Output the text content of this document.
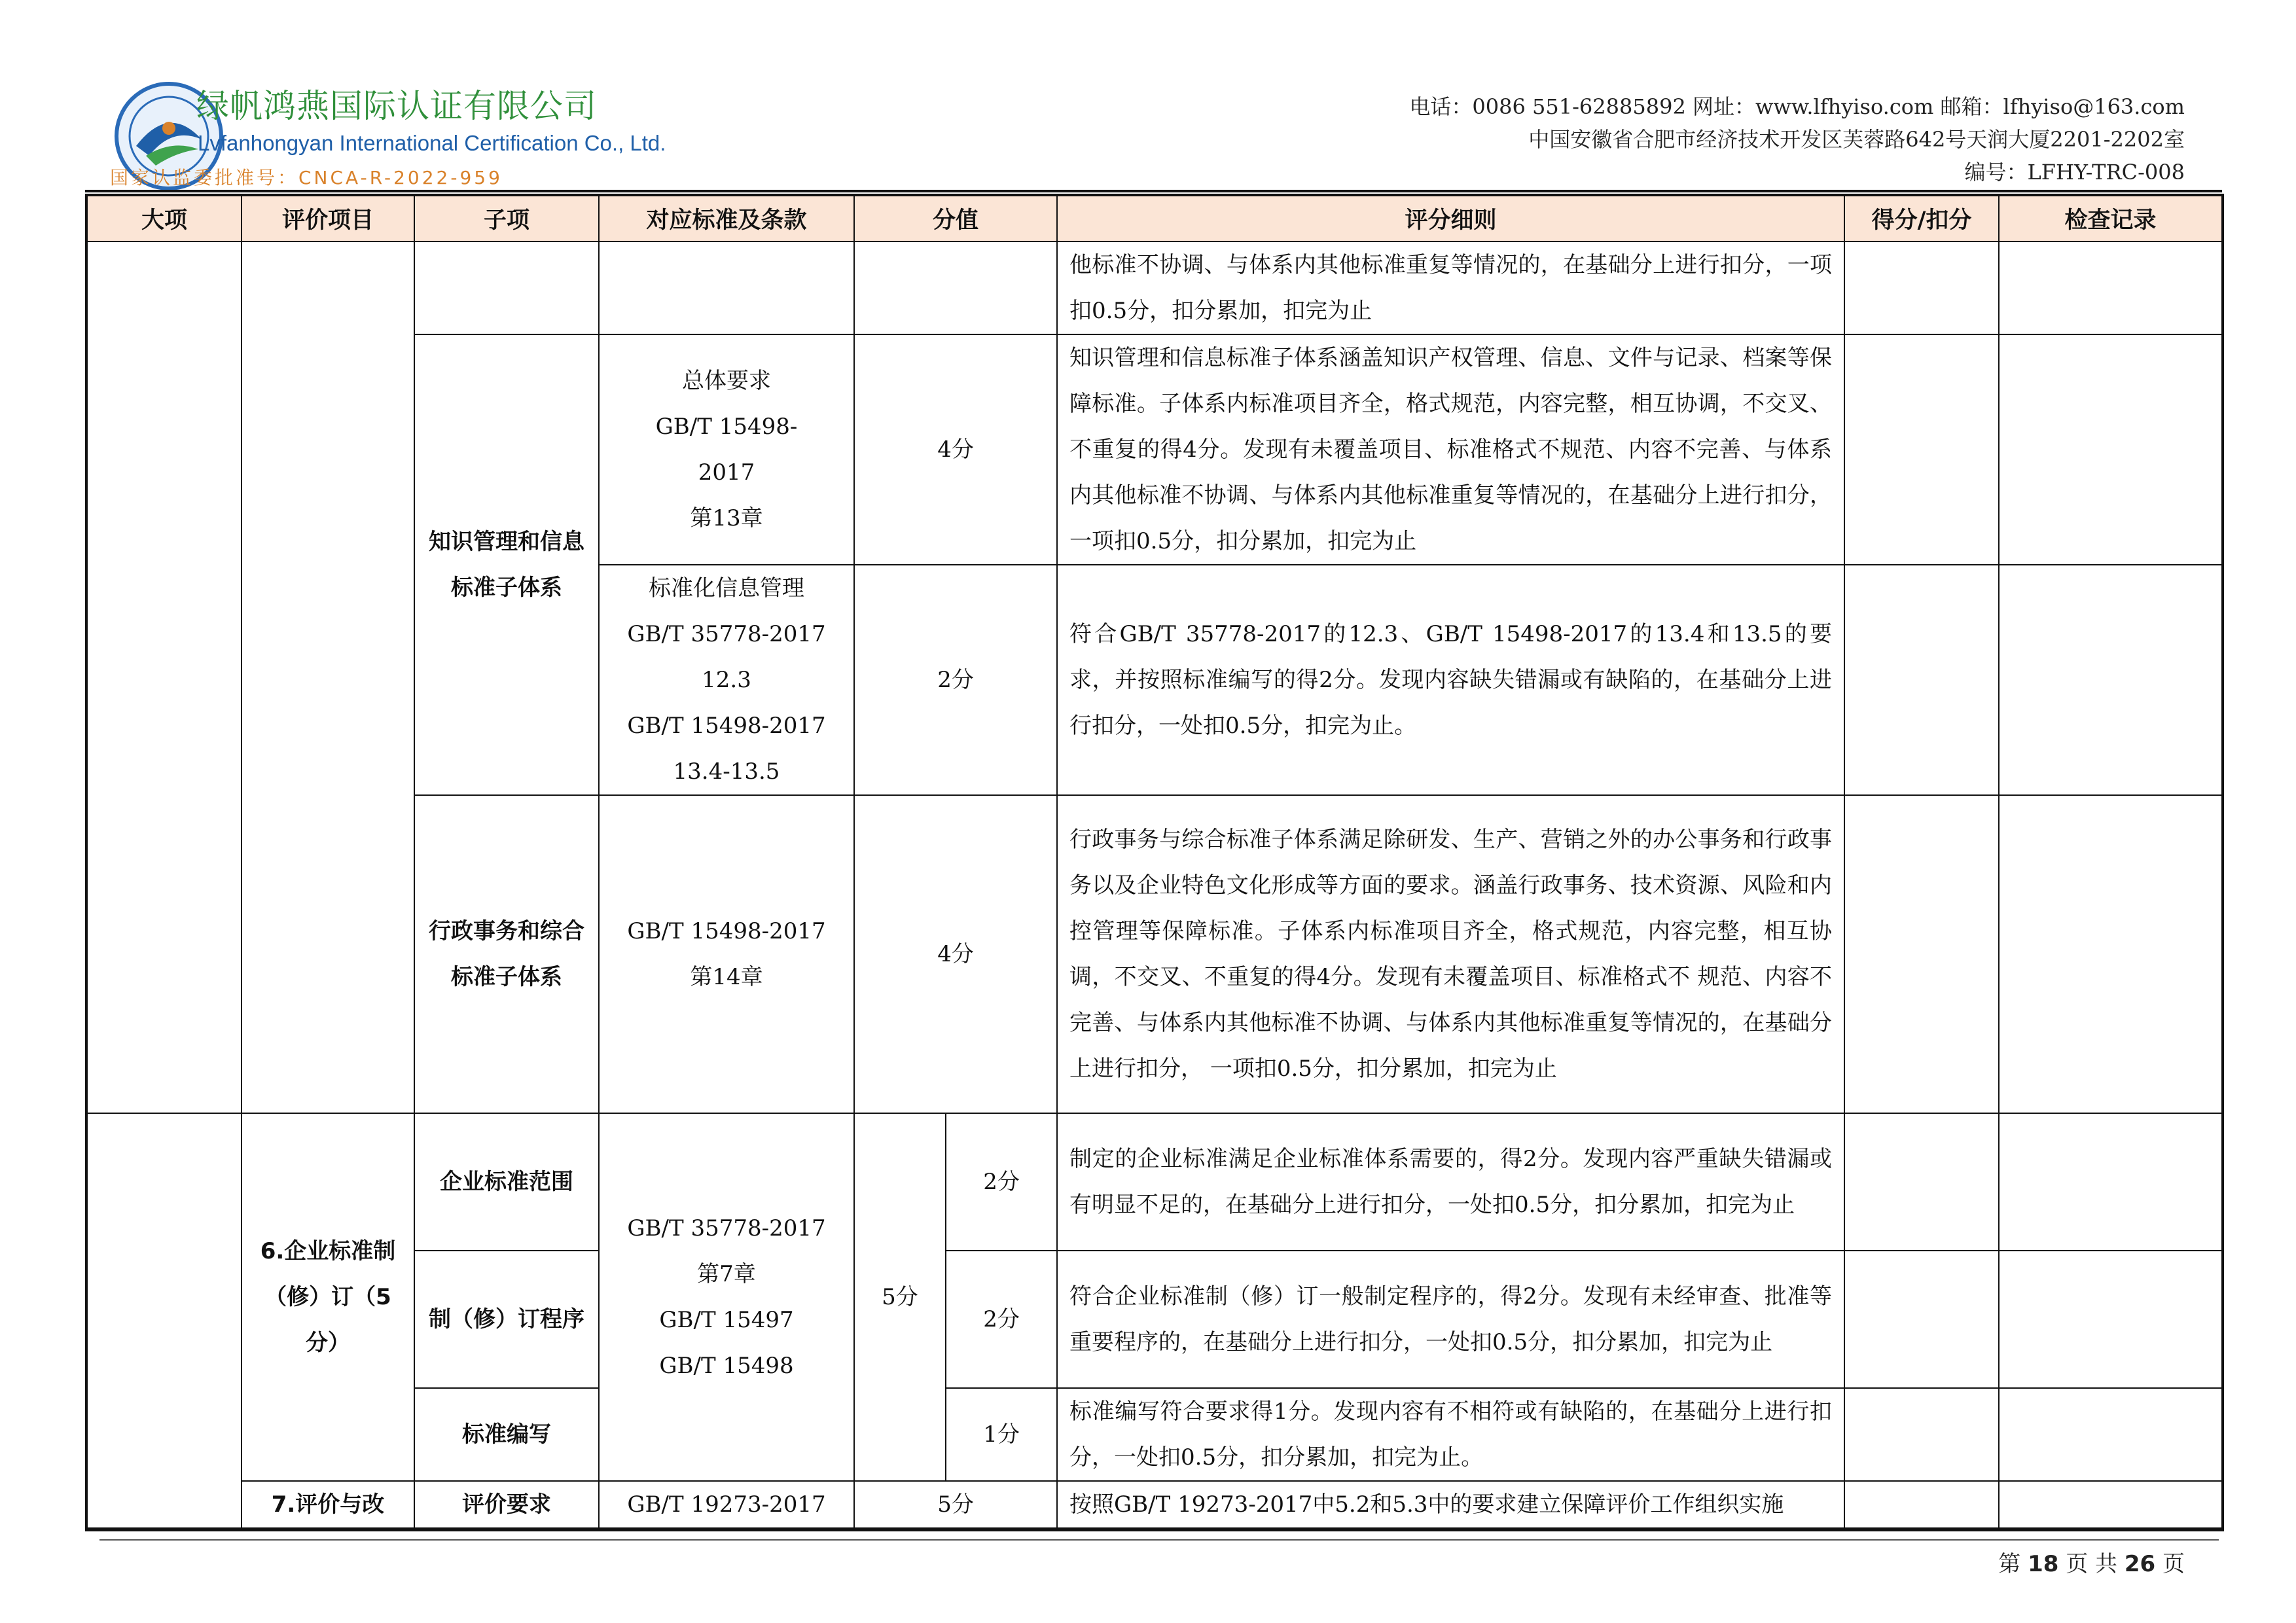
绿帆鸿燕国际认证有限公司
Lvfanhongyan International Certification Co., Ltd.
国家认监委批准号：CNCA-R-2022-959
电话：0086 551-62885892 网址：www.lfhyiso.com 邮箱：lfhyiso@163.com
中国安徽省合肥市经济技术开发区芙蓉路642号天润大厦2201-2202室
编号：LFHY-TRC-008
大项	评价项目	子项	对应标准及条款	分值		评分细则	得分/扣分	检查记录
						他标准不协调、与体系内其他标准重复等情况的，在基础分上进行扣分，一项扣0.5分，扣分累加，扣完为止		
		知识管理和信息标准子体系	总体要求
GB/T 15498-
2017
第13章	4分		知识管理和信息标准子体系涵盖知识产权管理、信息、文件与记录、档案等保障标准。子体系内标准项目齐全，格式规范，内容完整，相互协调，不交叉、不重复的得4分。发现有未覆盖项目、标准格式不规范、内容不完善、与体系内其他标准不协调、与体系内其他标准重复等情况的，在基础分上进行扣分，一项扣0.5分，扣分累加，扣完为止		

			标准化信息管理
GB/T 35778-2017
12.3
GB/T 15498-2017
13.4-13.5	2分		符合GB/T 35778-2017的12.3、GB/T 15498-2017的13.4和13.5的要求，并按照标准编写的得2分。发现内容缺失错漏或有缺陷的，在基础分上进行扣分，一处扣0.5分，扣完为止。		
		行政事务和综合标准子体系	GB/T 15498-2017
第14章	4分		行政事务与综合标准子体系满足除研发、生产、营销之外的办公事务和行政事务以及企业特色文化形成等方面的要求。涵盖行政事务、技术资源、风险和内控管理等保障标准。子体系内标准项目齐全，格式规范，内容完整，相互协调，不交叉、不重复的得4分。发现有未覆盖项目、标准格式不 规范、内容不完善、与体系内其他标准不协调、与体系内其他标准重复等情况的，在基础分上进行扣分， 一项扣0.5分，扣分累加，扣完为止		
	6.企业标准制（修）订（5分）	企业标准范围	GB/T 35778-2017
第7章
GB/T 15497
GB/T 15498	5分	2分	制定的企业标准满足企业标准体系需要的，得2分。发现内容严重缺失错漏或有明显不足的，在基础分上进行扣分，一处扣0.5分，扣分累加，扣完为止		
		制（修）订程序			2分	符合企业标准制（修）订一般制定程序的，得2分。发现有未经审查、批准等重要程序的，在基础分上进行扣分，一处扣0.5分，扣分累加，扣完为止		
		标准编写			1分	标准编写符合要求得1分。发现内容有不相符或有缺陷的，在基础分上进行扣分，一处扣0.5分，扣分累加，扣完为止。		
	7.评价与改	评价要求	GB/T 19273-2017	5分		按照GB/T 19273-2017中5.2和5.3中的要求建立保障评价工作组织实施		
第 18 页 共 26 页
